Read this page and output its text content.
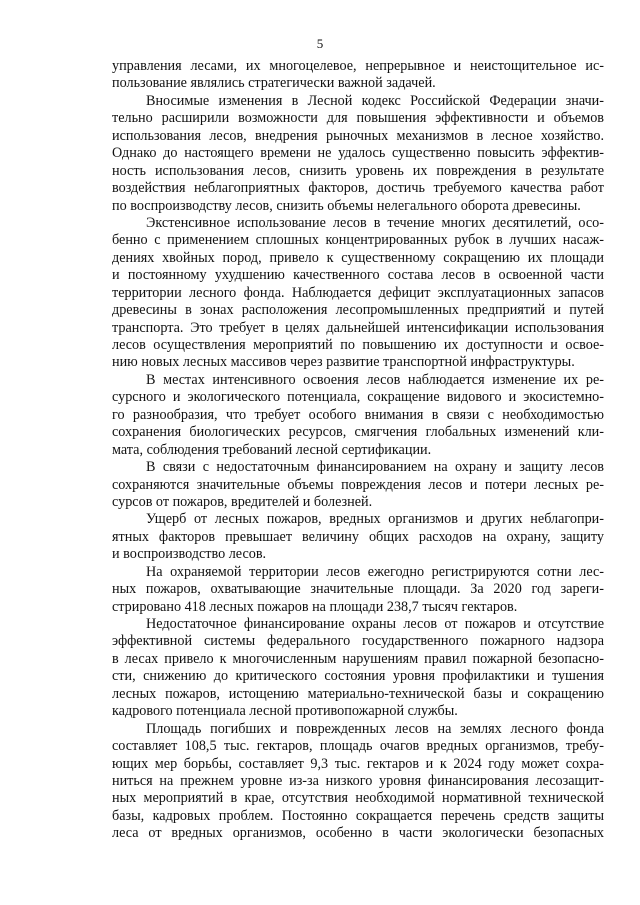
5
управления лесами, их многоцелевое, непрерывное и неистощительное ис-
пользование являлись стратегически важной задачей.
Вносимые изменения в Лесной кодекс Российской Федерации значи-
тельно расширили возможности для повышения эффективности и объемов
использования лесов, внедрения рыночных механизмов в лесное хозяйство.
Однако до настоящего времени не удалось существенно повысить эффектив-
ность использования лесов, снизить уровень их повреждения в результате
воздействия неблагоприятных факторов, достичь требуемого качества работ
по воспроизводству лесов, снизить объемы нелегального оборота древесины.
Экстенсивное использование лесов в течение многих десятилетий, осо-
бенно с применением сплошных концентрированных рубок в лучших насаж-
дениях хвойных пород, привело к существенному сокращению их площади
и постоянному ухудшению качественного состава лесов в освоенной части
территории лесного фонда. Наблюдается дефицит эксплуатационных запасов
древесины в зонах расположения лесопромышленных предприятий и путей
транспорта. Это требует в целях дальнейшей интенсификации использования
лесов осуществления мероприятий по повышению их доступности и освое-
нию новых лесных массивов через развитие транспортной инфраструктуры.
В местах интенсивного освоения лесов наблюдается изменение их ре-
сурсного и экологического потенциала, сокращение видового и экосистемно-
го разнообразия, что требует особого внимания в связи с необходимостью
сохранения биологических ресурсов, смягчения глобальных изменений кли-
мата, соблюдения требований лесной сертификации.
В связи с недостаточным финансированием на охрану и защиту лесов
сохраняются значительные объемы повреждения лесов и потери лесных ре-
сурсов от пожаров, вредителей и болезней.
Ущерб от лесных пожаров, вредных организмов и других неблагопри-
ятных факторов превышает величину общих расходов на охрану, защиту
и воспроизводство лесов.
На охраняемой территории лесов ежегодно регистрируются сотни лес-
ных пожаров, охватывающие значительные площади. За 2020 год зареги-
стрировано 418 лесных пожаров на площади 238,7 тысяч гектаров.
Недостаточное финансирование охраны лесов от пожаров и отсутствие
эффективной системы федерального государственного пожарного надзора
в лесах привело к многочисленным нарушениям правил пожарной безопасно-
сти, снижению до критического состояния уровня профилактики и тушения
лесных пожаров, истощению материально-технической базы и сокращению
кадрового потенциала лесной противопожарной службы.
Площадь погибших и поврежденных лесов на землях лесного фонда
составляет 108,5 тыс. гектаров, площадь очагов вредных организмов, требу-
ющих мер борьбы, составляет 9,3 тыс. гектаров и к 2024 году может сохра-
ниться на прежнем уровне из-за низкого уровня финансирования лесозащит-
ных мероприятий в крае, отсутствия необходимой нормативной технической
базы, кадровых проблем. Постоянно сокращается перечень средств защиты
леса от вредных организмов, особенно в части экологически безопасных
